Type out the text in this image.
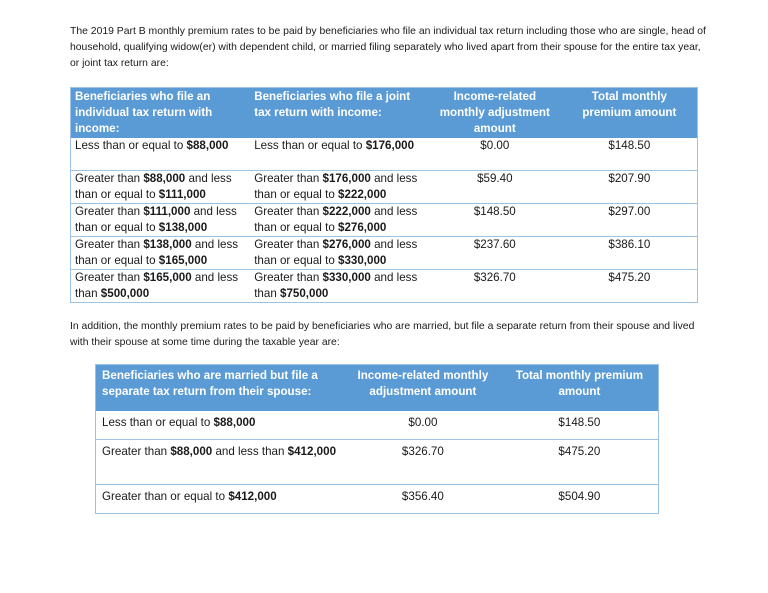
The 2019 Part B monthly premium rates to be paid by beneficiaries who file an individual tax return including those who are single, head of household, qualifying widow(er) with dependent child, or married filing separately who lived apart from their spouse for the entire tax year, or joint tax return are:

Beneficiaries who file an individual tax return with income:	Beneficiaries who file a joint tax return with income:	Income-related monthly adjustment amount	Total monthly premium amount
Less than or equal to $88,000	Less than or equal to $176,000	$0.00	$148.50
Greater than $88,000 and less than or equal to $111,000	Greater than $176,000 and less than or equal to $222,000	$59.40	$207.90
Greater than $111,000 and less than or equal to $138,000	Greater than $222,000 and less than or equal to $276,000	$148.50	$297.00
Greater than $138,000 and less than or equal to $165,000	Greater than $276,000 and less than or equal to $330,000	$237.60	$386.10
Greater than $165,000 and less than $500,000	Greater than $330,000 and less than $750,000	$326.70	$475.20

In addition, the monthly premium rates to be paid by beneficiaries who are married, but file a separate return from their spouse and lived with their spouse at some time during the taxable year are:

Beneficiaries who are married but file a separate tax return from their spouse:	Income-related monthly adjustment amount	Total monthly premium amount
Less than or equal to $88,000	$0.00	$148.50
Greater than $88,000 and less than $412,000	$326.70	$475.20
Greater than or equal to $412,000	$356.40	$504.90
